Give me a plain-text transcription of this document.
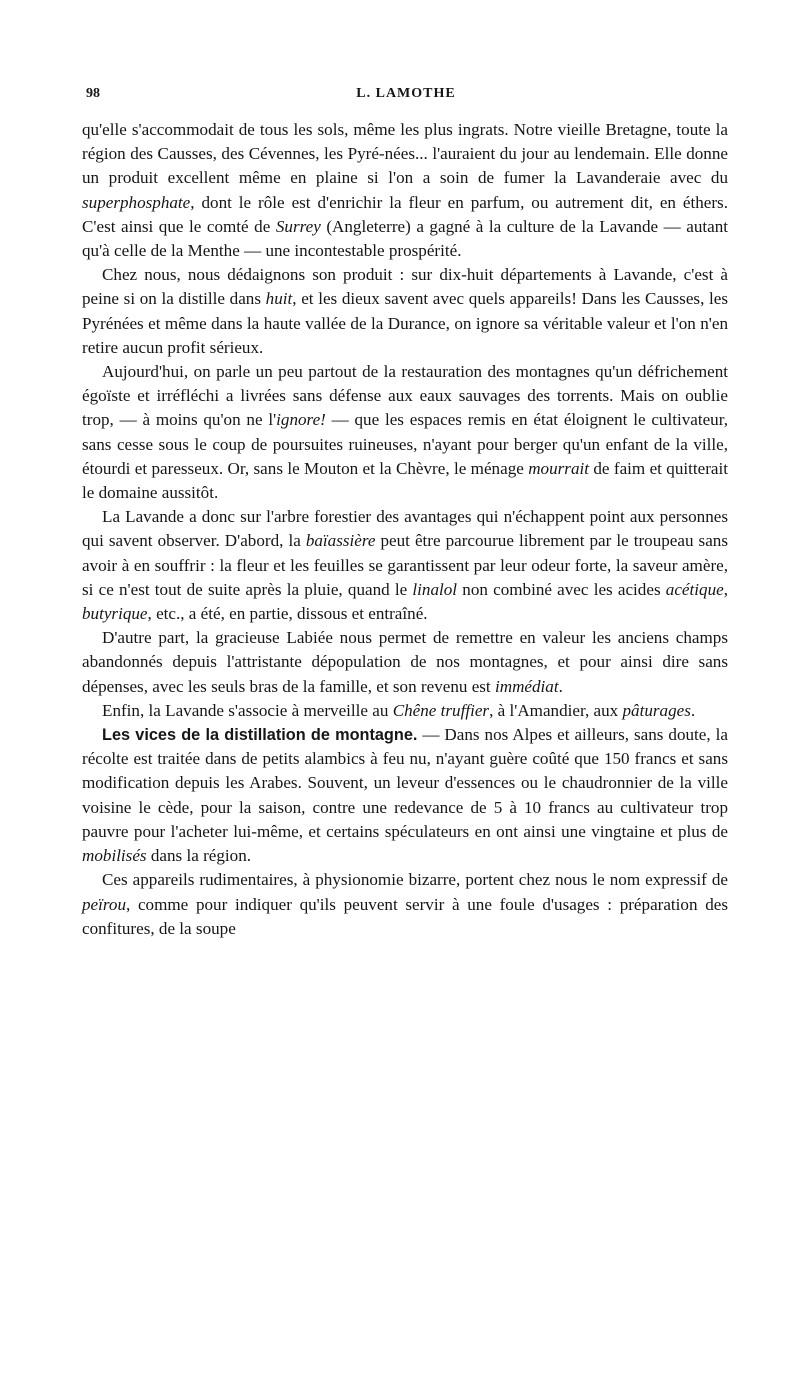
98	L. LAMOTHE

qu'elle s'accommodait de tous les sols, même les plus ingrats. Notre vieille Bretagne, toute la région des Causses, des Cévennes, les Pyré-nées... l'auraient du jour au lendemain. Elle donne un produit excellent même en plaine si l'on a soin de fumer la Lavanderaie avec du superphosphate, dont le rôle est d'enrichir la fleur en parfum, ou autrement dit, en éthers. C'est ainsi que le comté de Surrey (Angleterre) a gagné à la culture de la Lavande — autant qu'à celle de la Menthe — une incontestable prospérité.

Chez nous, nous dédaignons son produit : sur dix-huit départements à Lavande, c'est à peine si on la distille dans huit, et les dieux savent avec quels appareils! Dans les Causses, les Pyrénées et même dans la haute vallée de la Durance, on ignore sa véritable valeur et l'on n'en retire aucun profit sérieux.

Aujourd'hui, on parle un peu partout de la restauration des montagnes qu'un défrichement égoïste et irréfléchi a livrées sans défense aux eaux sauvages des torrents. Mais on oublie trop, — à moins qu'on ne l'ignore! — que les espaces remis en état éloignent le cultivateur, sans cesse sous le coup de poursuites ruineuses, n'ayant pour berger qu'un enfant de la ville, étourdi et paresseux. Or, sans le Mouton et la Chèvre, le ménage mourrait de faim et quitterait le domaine aussitôt.

La Lavande a donc sur l'arbre forestier des avantages qui n'échappent point aux personnes qui savent observer. D'abord, la baïassière peut être parcourue librement par le troupeau sans avoir à en souffrir : la fleur et les feuilles se garantissent par leur odeur forte, la saveur amère, si ce n'est tout de suite après la pluie, quand le linalol non combiné avec les acides acétique, butyrique, etc., a été, en partie, dissous et entraîné.

D'autre part, la gracieuse Labiée nous permet de remettre en valeur les anciens champs abandonnés depuis l'attristante dépopulation de nos montagnes, et pour ainsi dire sans dépenses, avec les seuls bras de la famille, et son revenu est immédiat.

Enfin, la Lavande s'associe à merveille au Chêne truffier, à l'Amandier, aux pâturages.

Les vices de la distillation de montagne. — Dans nos Alpes et ailleurs, sans doute, la récolte est traitée dans de petits alambics à feu nu, n'ayant guère coûté que 150 francs et sans modification depuis les Arabes. Souvent, un leveur d'essences ou le chaudronnier de la ville voisine le cède, pour la saison, contre une redevance de 5 à 10 francs au cultivateur trop pauvre pour l'acheter lui-même, et certains spéculateurs en ont ainsi une vingtaine et plus de mobilisés dans la région.

Ces appareils rudimentaires, à physionomie bizarre, portent chez nous le nom expressif de peïrou, comme pour indiquer qu'ils peuvent servir à une foule d'usages : préparation des confitures, de la soupe
